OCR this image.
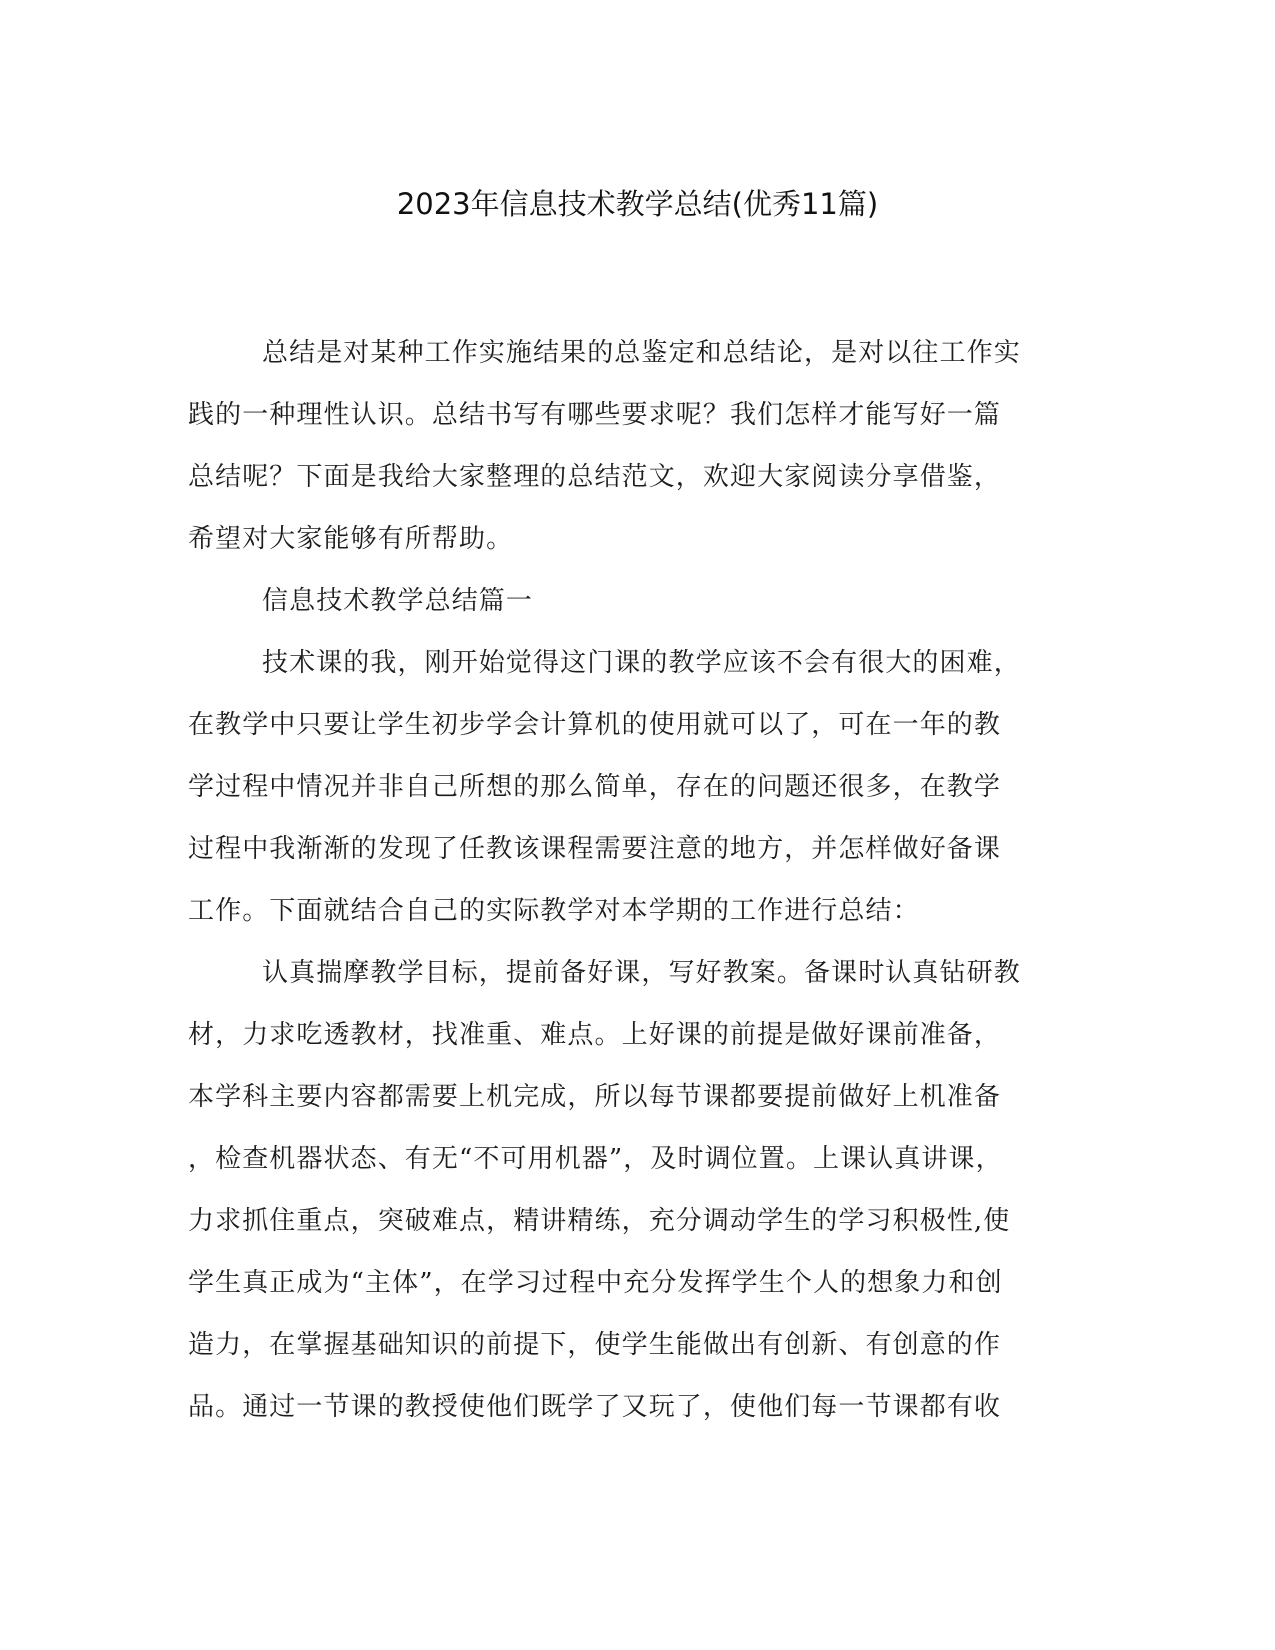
2023年信息技术教学总结(优秀11篇)
总结是对某种工作实施结果的总鉴定和总结论，是对以往工作实
践的一种理性认识。总结书写有哪些要求呢？我们怎样才能写好一篇
总结呢？下面是我给大家整理的总结范文，欢迎大家阅读分享借鉴，
希望对大家能够有所帮助。
信息技术教学总结篇一
技术课的我，刚开始觉得这门课的教学应该不会有很大的困难，
在教学中只要让学生初步学会计算机的使用就可以了，可在一年的教
学过程中情况并非自己所想的那么简单，存在的问题还很多，在教学
过程中我渐渐的发现了任教该课程需要注意的地方，并怎样做好备课
工作。下面就结合自己的实际教学对本学期的工作进行总结：
认真揣摩教学目标，提前备好课，写好教案。备课时认真钻研教
材，力求吃透教材，找准重、难点。上好课的前提是做好课前准备，
本学科主要内容都需要上机完成，所以每节课都要提前做好上机准备
，检查机器状态、有无“不可用机器”，及时调位置。上课认真讲课，
力求抓住重点，突破难点，精讲精练，充分调动学生的学习积极性,使
学生真正成为“主体”，在学习过程中充分发挥学生个人的想象力和创
造力，在掌握基础知识的前提下，使学生能做出有创新、有创意的作
品。通过一节课的教授使他们既学了又玩了，使他们每一节课都有收
